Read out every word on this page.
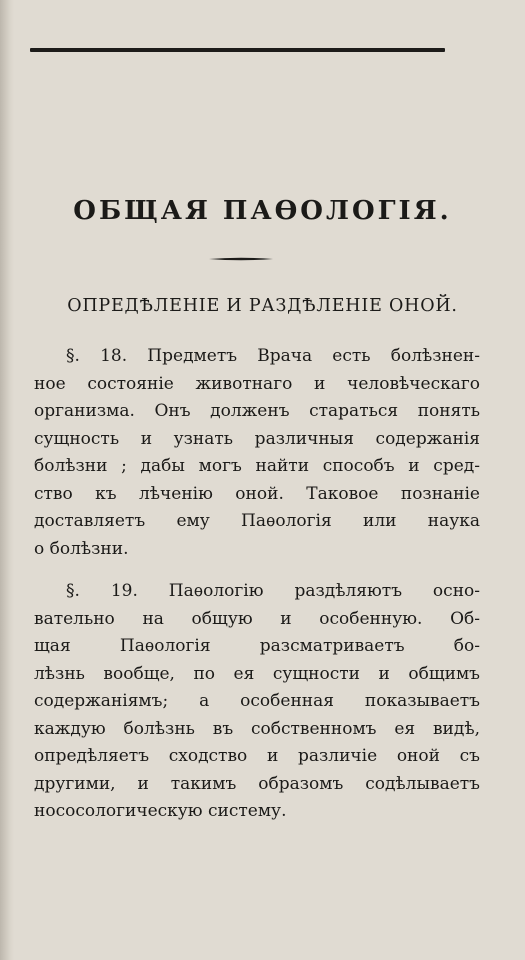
ОБЩАЯ ПАѲОЛОГІЯ.
ОПРЕДѢЛЕНІЕ И РАЗДѢЛЕНІЕ ОНОЙ.
§. 18. Предметъ Врача есть болѣзнен-
ное состояніе животнаго и человѣческаго
организма. Онъ долженъ стараться понять
сущность и узнать различныя содержанія
болѣзни ; дабы могъ найти способъ и сред-
ство къ лѣченію оной. Таковое познаніе
доставляетъ ему Паѳологія или наука
о болѣзни.
§. 19. Паѳологію раздѣляютъ осно-
вательно на общую и особенную. Об-
щая Паѳологія разсматриваетъ бо-
лѣзнь вообще, по ея сущности и общимъ
содержаніямъ; а особенная показываетъ
каждую болѣзнь въ собственномъ ея видѣ,
опредѣляетъ сходство и различіе оной съ
другими, и такимъ образомъ содѣлываетъ
нососологическую систему.
